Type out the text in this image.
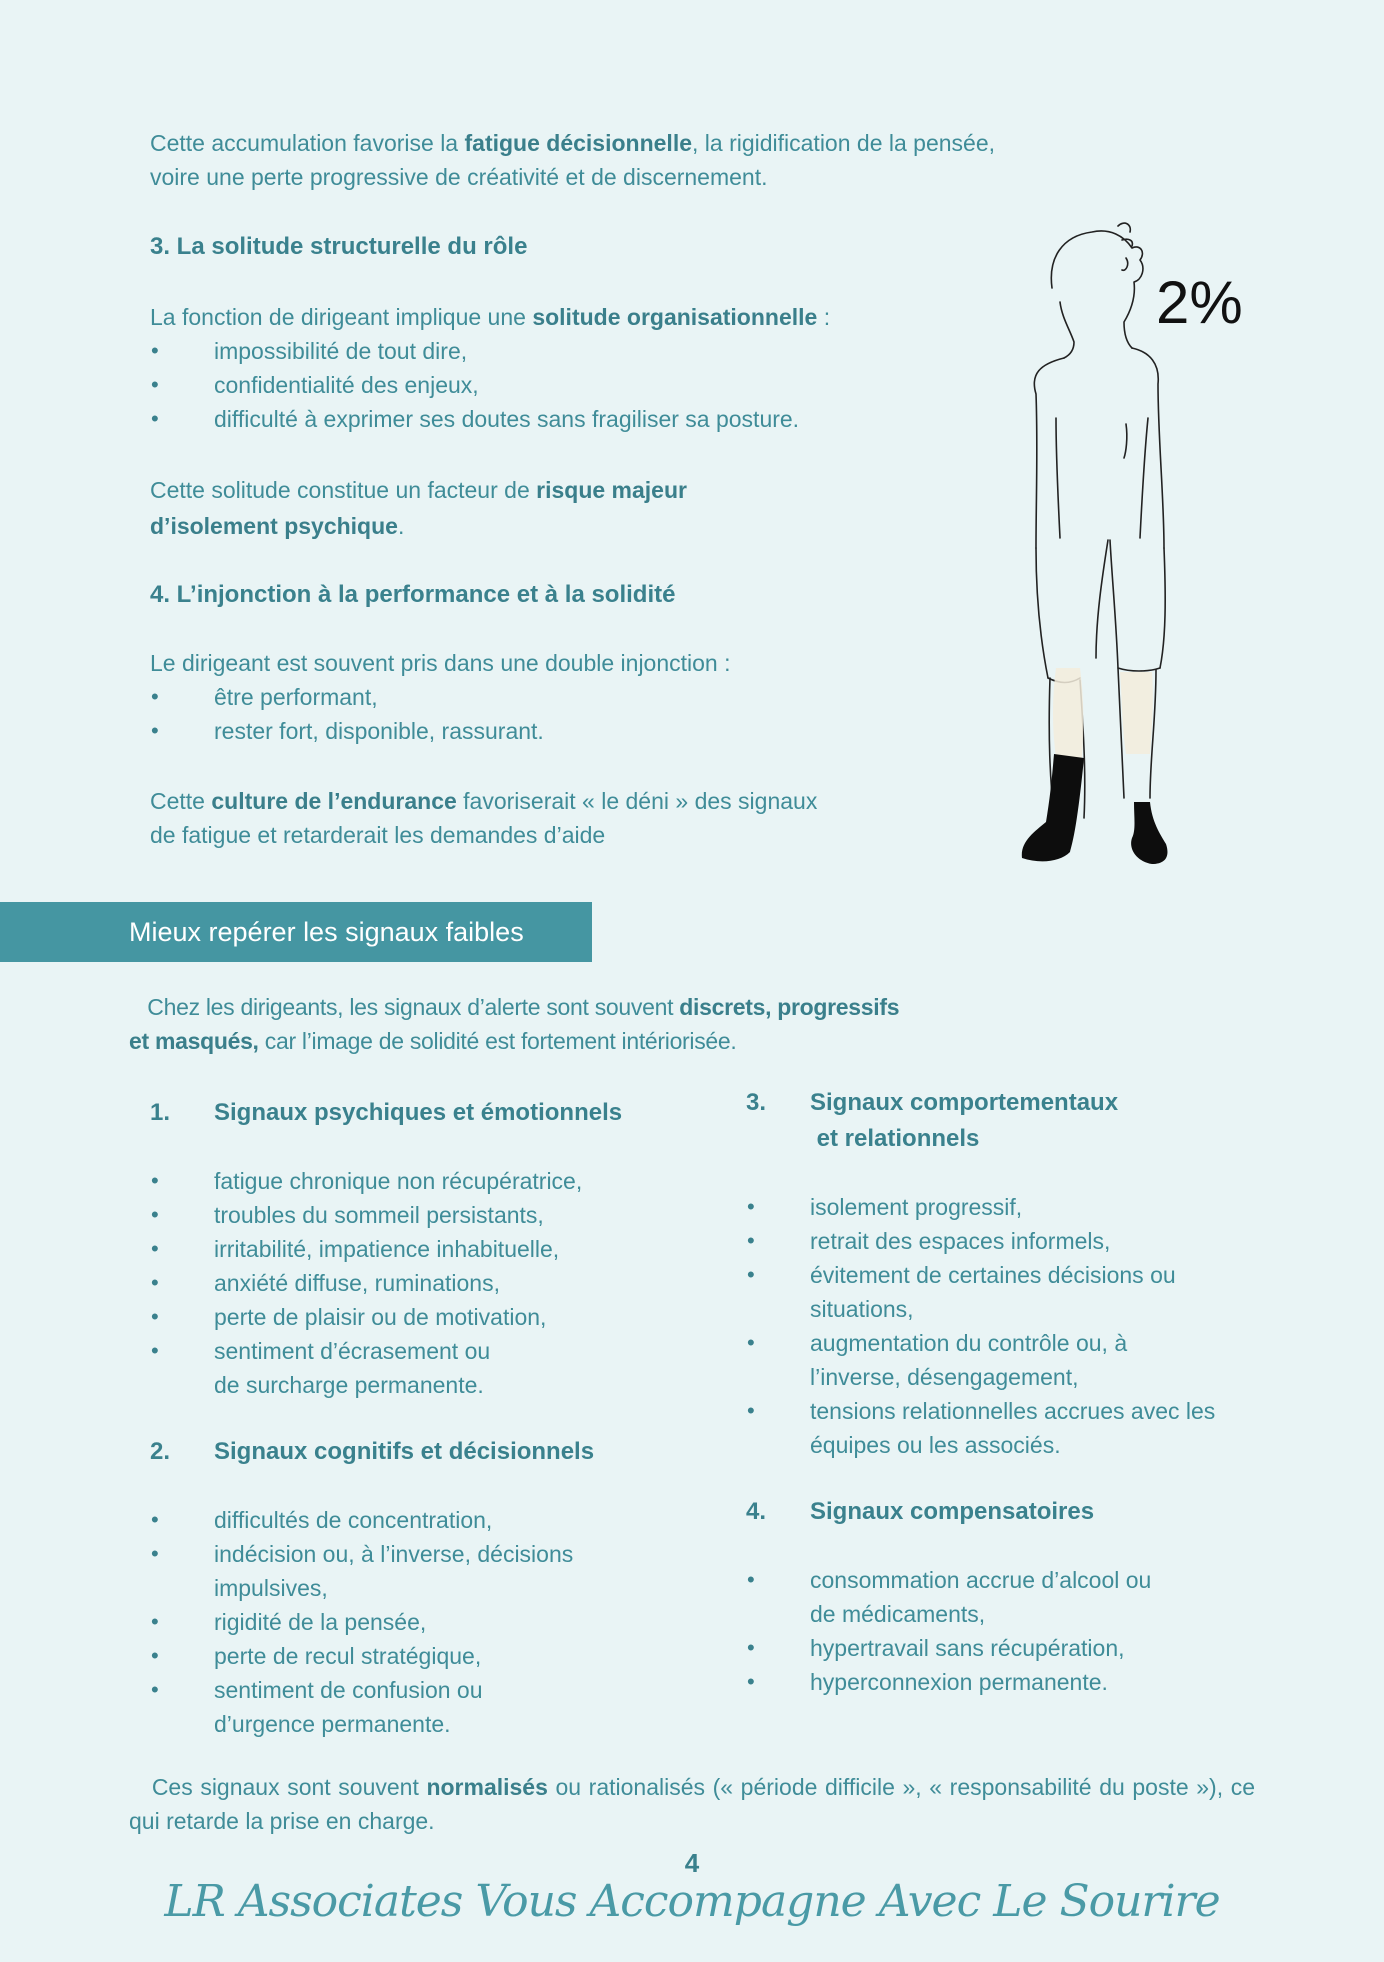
Cette accumulation favorise la fatigue décisionnelle, la rigidification de la pensée,
voire une perte progressive de créativité et de discernement.

3. La solitude structurelle du rôle

La fonction de dirigeant implique une solitude organisationnelle :

• impossibilité de tout dire,
• confidentialité des enjeux,
• difficulté à exprimer ses doutes sans fragiliser sa posture.

Cette solitude constitue un facteur de risque majeur
d’isolement psychique.

4. L’injonction à la performance et à la solidité

Le dirigeant est souvent pris dans une double injonction :

• être performant,
• rester fort, disponible, rassurant.

Cette culture de l’endurance favoriserait « le déni » des signaux
de fatigue et retarderait les demandes d’aide

2%
Mieux repérer les signaux faibles

Chez les dirigeants, les signaux d’alerte sont souvent discrets, progressifs
et masqués, car l’image de solidité est fortement intériorisée.

1.	Signaux psychiques et émotionnels
• fatigue chronique non récupératrice,
• troubles du sommeil persistants,
• irritabilité, impatience inhabituelle,
• anxiété diffuse, ruminations,
• perte de plaisir ou de motivation,
• sentiment d’écrasement ou de surcharge permanente.
2.	Signaux cognitifs et décisionnels
• difficultés de concentration,
• indécision ou, à l’inverse, décisions impulsives,
• rigidité de la pensée,
• perte de recul stratégique,
• sentiment de confusion ou d’urgence permanente.
3.	Signaux comportementaux
et relationnels
• isolement progressif,
• retrait des espaces informels,
• évitement de certaines décisions ou situations,
• augmentation du contrôle ou, à l’inverse, désengagement,
• tensions relationnelles accrues avec les équipes ou les associés.
4.	Signaux compensatoires
• consommation accrue d’alcool ou de médicaments,
• hypertravail sans récupération,
• hyperconnexion permanente.

Ces signaux sont souvent normalisés ou rationalisés (« période difficile », « responsabilité du poste »), ce qui retarde la prise en charge.

4
LR Associates Vous Accompagne Avec Le Sourire
